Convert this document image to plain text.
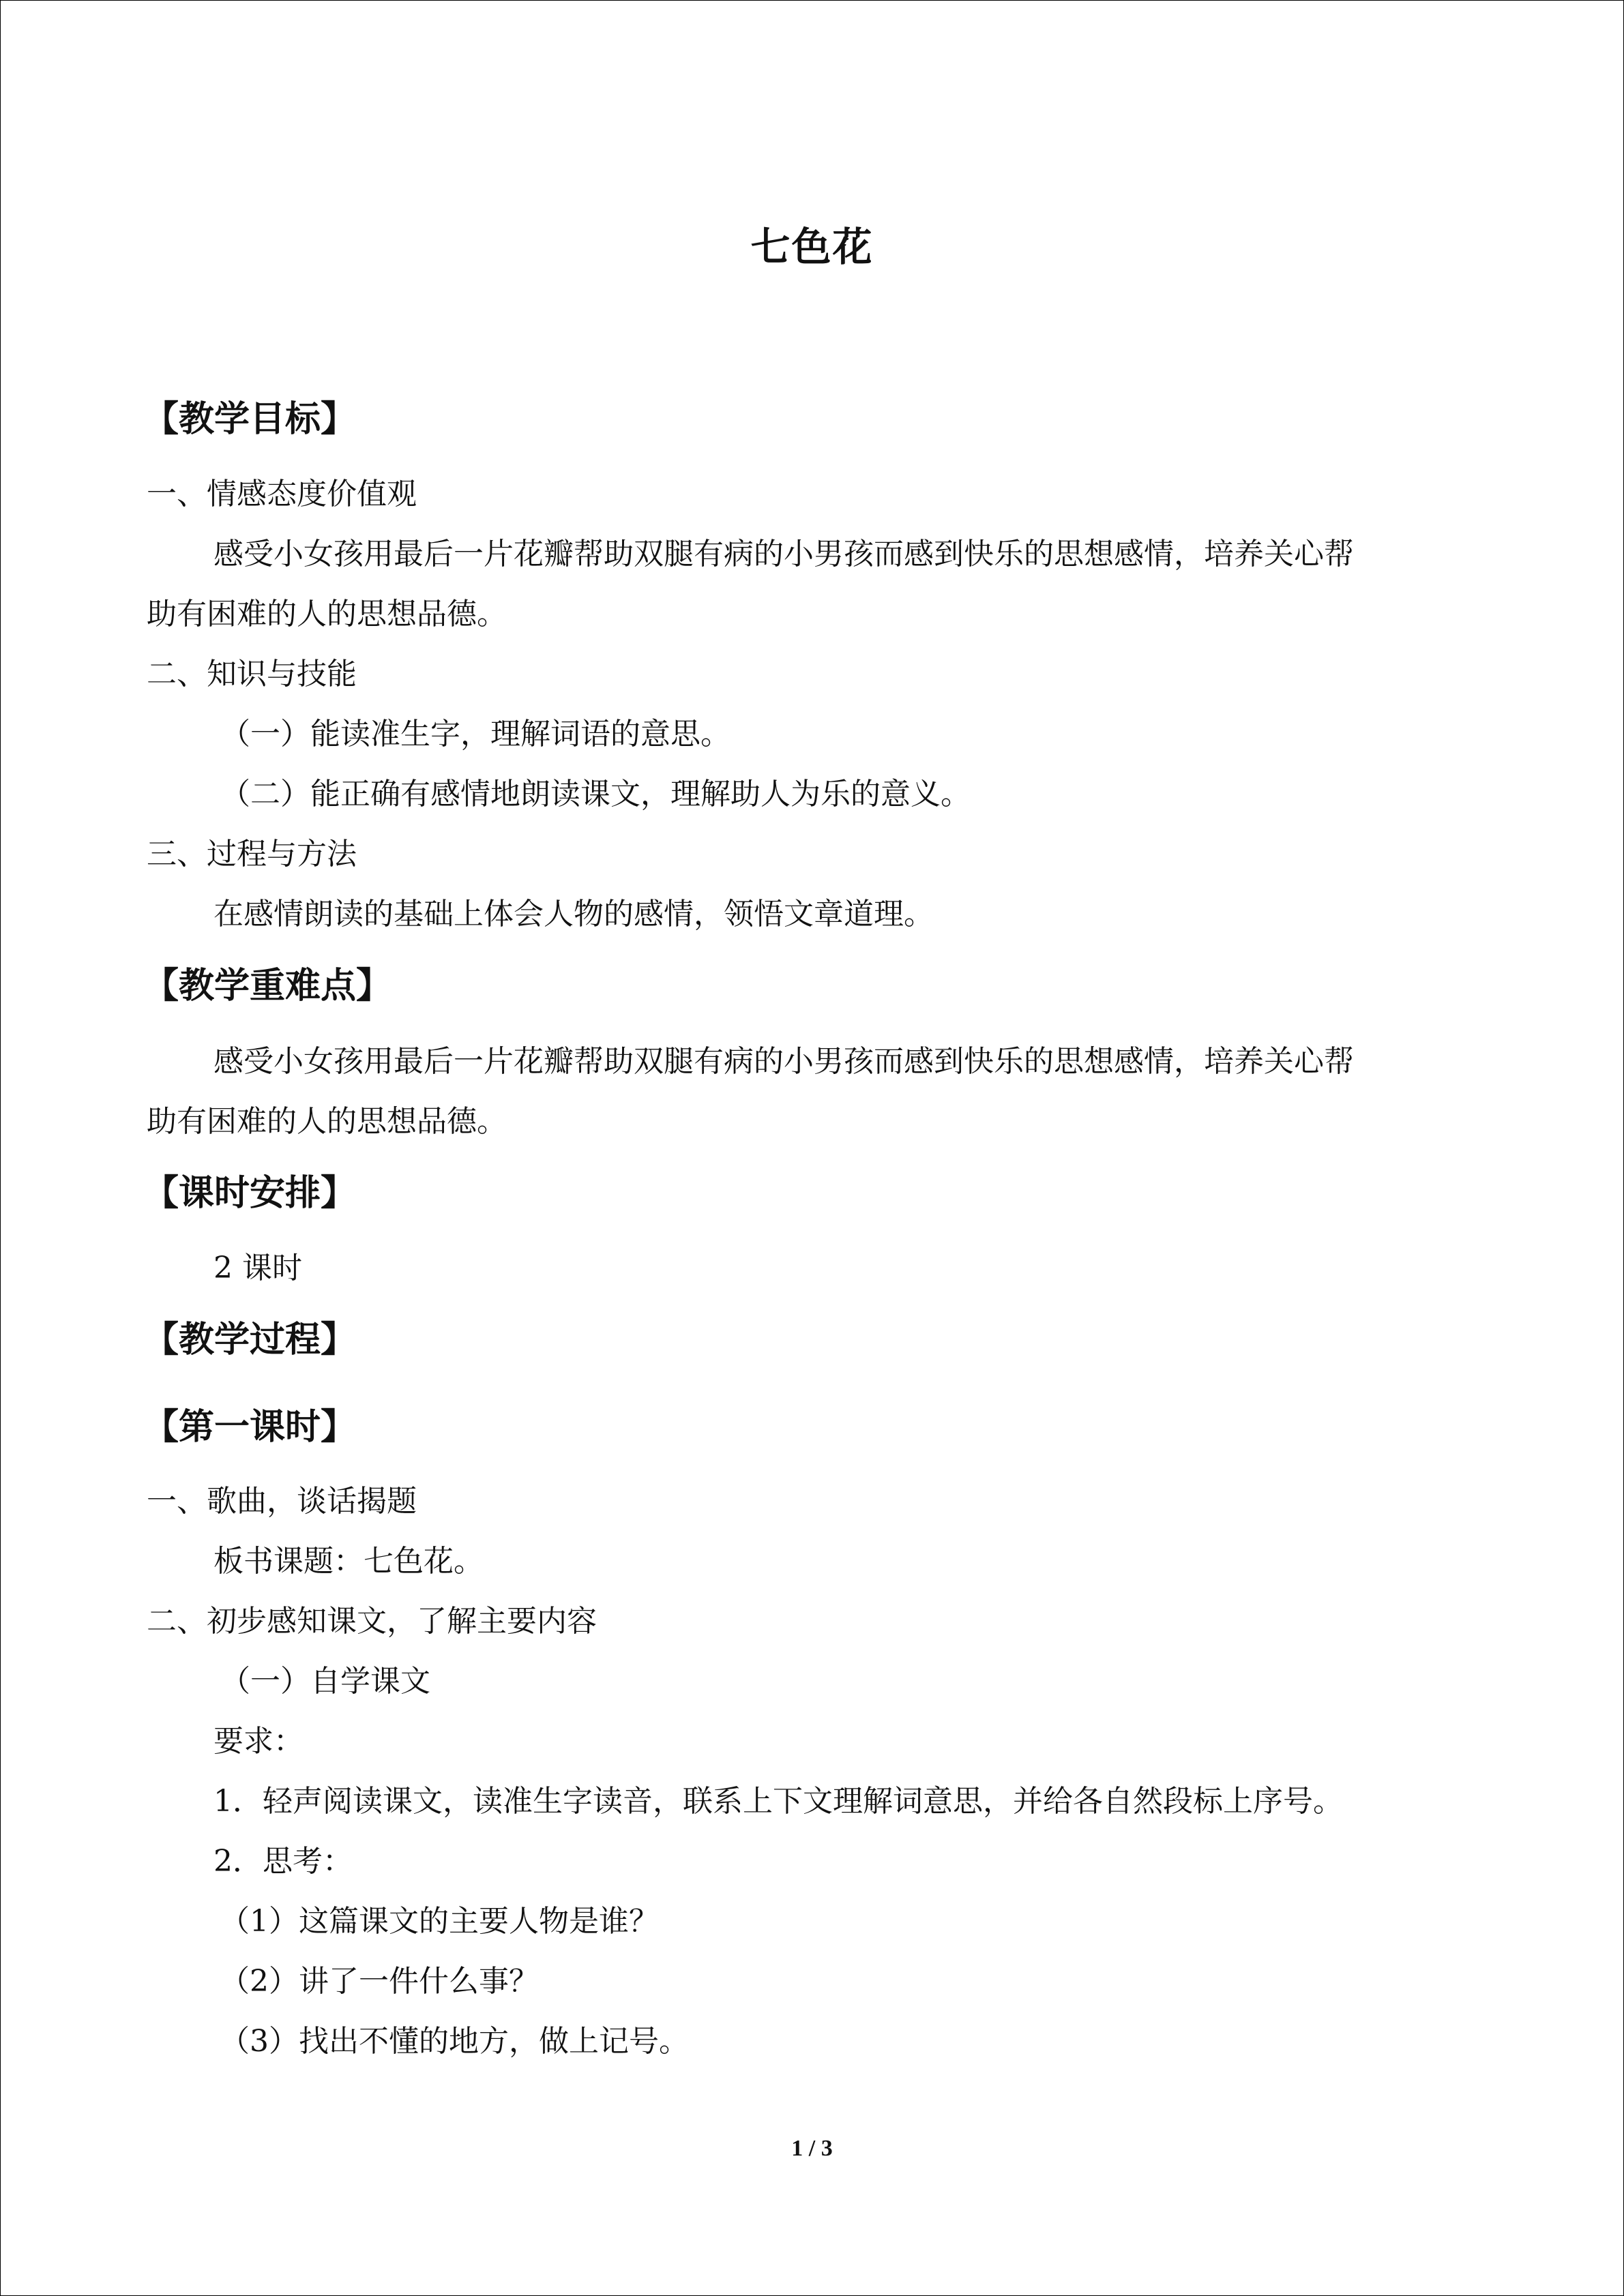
七色花
【教学目标】
一、情感态度价值观
感受小女孩用最后一片花瓣帮助双腿有病的小男孩而感到快乐的思想感情，培养关心帮
助有困难的人的思想品德。
二、知识与技能
（一）能读准生字，理解词语的意思。
（二）能正确有感情地朗读课文，理解助人为乐的意义。
三、过程与方法
在感情朗读的基础上体会人物的感情，领悟文章道理。
【教学重难点】
感受小女孩用最后一片花瓣帮助双腿有病的小男孩而感到快乐的思想感情，培养关心帮
助有困难的人的思想品德。
【课时安排】
2 课时
【教学过程】
【第一课时】
一、歌曲，谈话揭题
板书课题：七色花。
二、初步感知课文，了解主要内容
（一）自学课文
要求：
1．轻声阅读课文，读准生字读音，联系上下文理解词意思，并给各自然段标上序号。
2．思考：
（1）这篇课文的主要人物是谁？
（2）讲了一件什么事？
（3）找出不懂的地方，做上记号。
1 / 3
